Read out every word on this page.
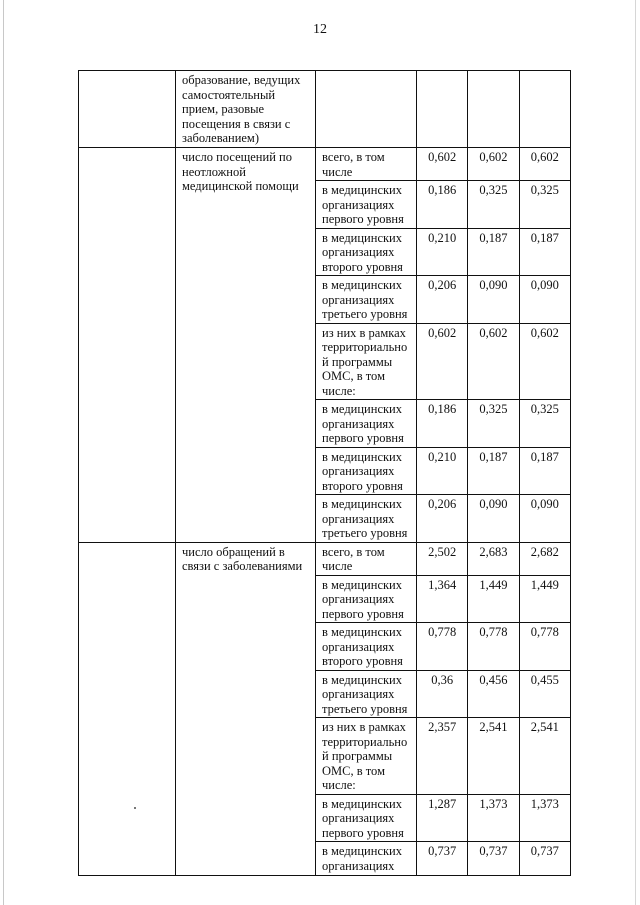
12
	образование, ведущих самостоятельный прием, разовые посещения в связи с заболеванием)				
	число посещений по неотложной медицинской помощи	всего, в том числе	0,602	0,602	0,602
		в медицинских организациях первого уровня	0,186	0,325	0,325
		в медицинских организациях второго уровня	0,210	0,187	0,187
		в медицинских организациях третьего уровня	0,206	0,090	0,090
		из них в рамках территориально й программы ОМС, в том числе:	0,602	0,602	0,602
		в медицинских организациях первого уровня	0,186	0,325	0,325
		в медицинских организациях второго уровня	0,210	0,187	0,187
		в медицинских организациях третьего уровня	0,206	0,090	0,090
	число обращений в связи с заболеваниями	всего, в том числе	2,502	2,683	2,682
		в медицинских организациях первого уровня	1,364	1,449	1,449
		в медицинских организациях второго уровня	0,778	0,778	0,778
		в медицинских организациях третьего уровня	0,36	0,456	0,455
		из них в рамках территориально й программы ОМС, в том числе:	2,357	2,541	2,541
		в медицинских организациях первого уровня	1,287	1,373	1,373
		в медицинских организациях	0,737	0,737	0,737
